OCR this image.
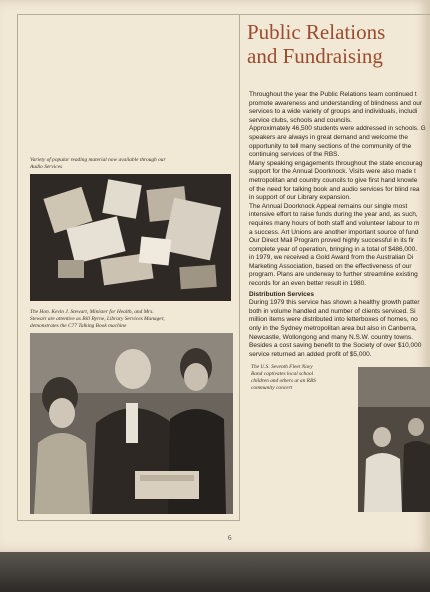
Public Relations
and Fundraising
Variety of popular reading material now available through our
Audio Services
The Hon. Kevin J. Stewart, Minister for Health, and Mrs.
Stewart are attentive as Bill Byrne, Library Services Manager,
demonstrates the C77 Talking Book machine
Throughout the year the Public Relations team continued t
promote awareness and understanding of blindness and our
services to a wide variety of groups and individuals, includi
service clubs, schools and councils.
Approximately 46,500 students were addressed in schools. G
speakers are always in great demand and welcome the
opportunity to tell many sections of the community of the
continuing services of the RBS.
Many speaking engagements throughout the state encourag
support for the Annual Doorknock. Visits were also made t
metropolitan and country councils to give first hand knowle
of the need for talking book and audio services for blind rea
in support of our Library expansion.
The Annual Doorknock Appeal remains our single most
intensive effort to raise funds during the year and, as such,
requires many hours of both staff and volunteer labour to m
a success. Art Unions are another important source of fund
Our Direct Mail Program proved highly successful in its fir
complete year of operation, bringing in a total of $486,000.
in 1979, we received a Gold Award from the Australian Di
Marketing Association, based on the effectiveness of our
program. Plans are underway to further streamline existing
records for an even better result in 1980.
Distribution Services
During 1979 this service has shown a healthy growth patter
both in volume handled and number of clients serviced. Si
million items were distributed into letterboxes of homes, no
only in the Sydney metropolitan area but also in Canberra,
Newcastle, Wollongong and many N.S.W. country towns.
Besides a cost saving benefit to the Society of over $10,000
service returned an added profit of $5,000.
The U.S. Seventh Fleet Navy
Band captivates local school
children and others at an RBS
community concert
6
